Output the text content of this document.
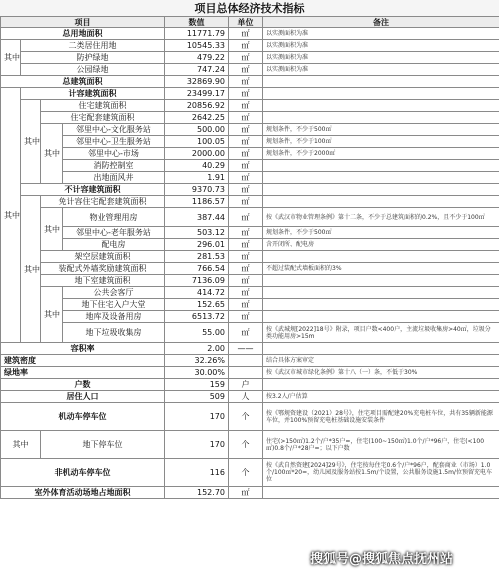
项目总体经济技术指标
项目				数值	单位	备注
总用地面积				11771.79	㎡	以实测面积为准
其中	二类居住用地			10545.33	㎡	以实测面积为准
	防护绿地			479.22	㎡	以实测面积为准
	公园绿地			747.24	㎡	以实测面积为准
总建筑面积				32869.90	㎡	
其中	计容建筑面积			23499.17	㎡	
	其中	住宅建筑面积		20856.92	㎡	
		住宅配套建筑面积		2642.25	㎡	
		其中	邻里中心-文化服务站	500.00	㎡	规划条件，不少于500㎡
			邻里中心-卫生服务站	100.05	㎡	规划条件，不少于100㎡
			邻里中心-市场	2000.00	㎡	规划条件，不少于2000㎡
			消防控制室	40.29	㎡	
			出地面风井	1.91	㎡	
	不计容建筑面积			9370.73	㎡	
	其中	免计容住宅配套建筑面积		1186.57	㎡	
		其中	物业管理用房	387.44	㎡	按《武汉市物业管理条例》第十二条，不少于总建筑面积的0.2%，且不少于100㎡
			邻里中心-老年服务站	503.12	㎡	规划条件，不少于500㎡
			配电房	296.01	㎡	含开闭所、配电房
		架空层建筑面积		281.53	㎡	
		装配式外墙奖励建筑面积		766.54	㎡	不超过装配式墙板面积的3%
		地下室建筑面积		7136.09	㎡	
		其中	公共会客厅	414.72	㎡	
			地下住宅入户大堂	152.65	㎡	
			地库及设备用房	6513.72	㎡	
			地下垃圾收集房	55.00	㎡	按《武城规[2022]18号》附录，项目户数<400户，主流垃圾收集房>40㎡，垃圾分类功能用房>15m
容积率				2.00	——	
建筑密度				32.26%		结合具体方案审定
绿地率				30.00%		按《武汉市城市绿化条例》第十八（一）条，不低于30%
户数				159	户	
居住人口				509	人	按3.2人/户估算
机动车停车位				170	个	按《鄂规资建设（2021）28号》，住宅项目需配建20%充电桩车位，共有35辆新能源车位，并100%预留充电桩基础设施安装条件
其中		地下停车位		170	个	住宅(>150㎡)1.2个/户*35户=，住宅(100~150㎡)1.0个/户*96户，住宅(<100㎡)0.8个/户*28户=；以下户数
非机动车停车位				116	个	按《武自然资建[2024]29号》，住宅按每住宅0.6个/户*96户，配套商业（市场）1.0个/100㎡*20=，幼儿园及服务站按1.5m/个设置，公共服务设施1.5m/位预留充电车位
室外体育活动场地占地面积				152.70	㎡	
搜狐号@搜狐焦点抚州站
